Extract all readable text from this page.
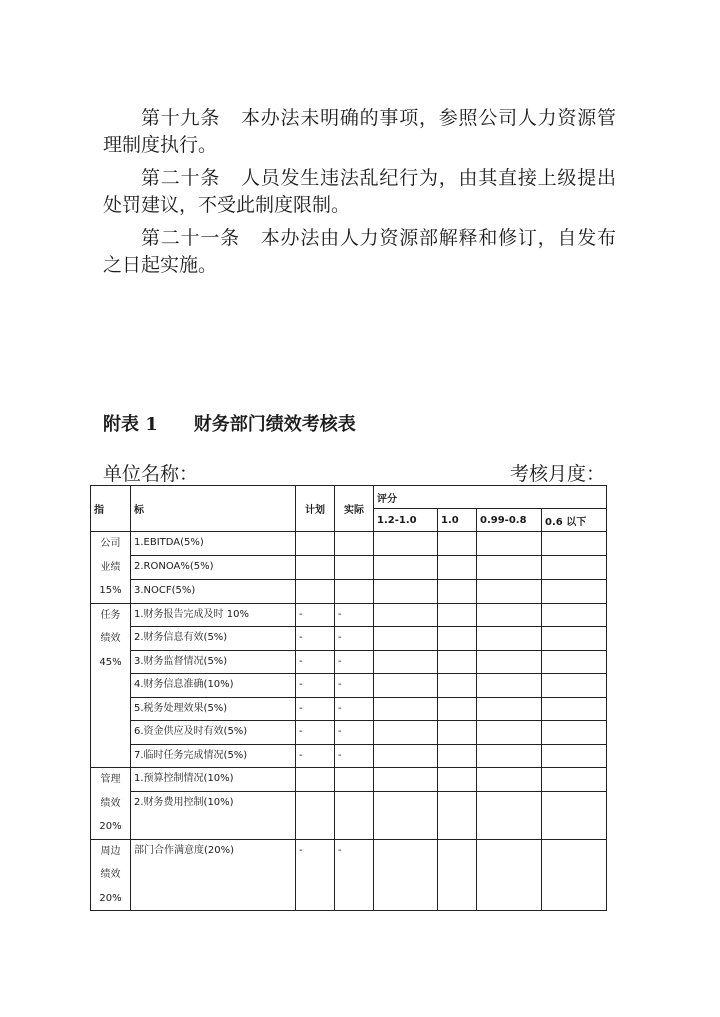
第十九条 本办法未明确的事项，参照公司人力资源管理制度执行。

第二十条 人员发生违法乱纪行为，由其直接上级提出处罚建议，不受此制度限制。

第二十一条 本办法由人力资源部解释和修订，自发布之日起实施。

附表 1 财务部门绩效考核表
单位名称：	考核月度：
指	标	计划	实际	评分			
				1.2-1.0	1.0	0.99-0.8	0.6 以下

公司
业绩
15%	1.EBITDA(5%)						
	2.RONOA%(5%)						
	3.NOCF(5%)						

任务
绩效
45%	1.财务报告完成及时 10%	-	-				
	2.财务信息有效(5%)	-	-				
	3.财务监督情况(5%)	-	-				
	4.财务信息准确(10%)	-	-				
	5.税务处理效果(5%)	-	-				
	6.资金供应及时有效(5%)	-	-				
	7.临时任务完成情况(5%)	-	-				

管理
绩效
20%	1.预算控制情况(10%)						
	2.财务费用控制(10%)						

周边
绩效
20%	部门合作满意度(20%)	-	-				
